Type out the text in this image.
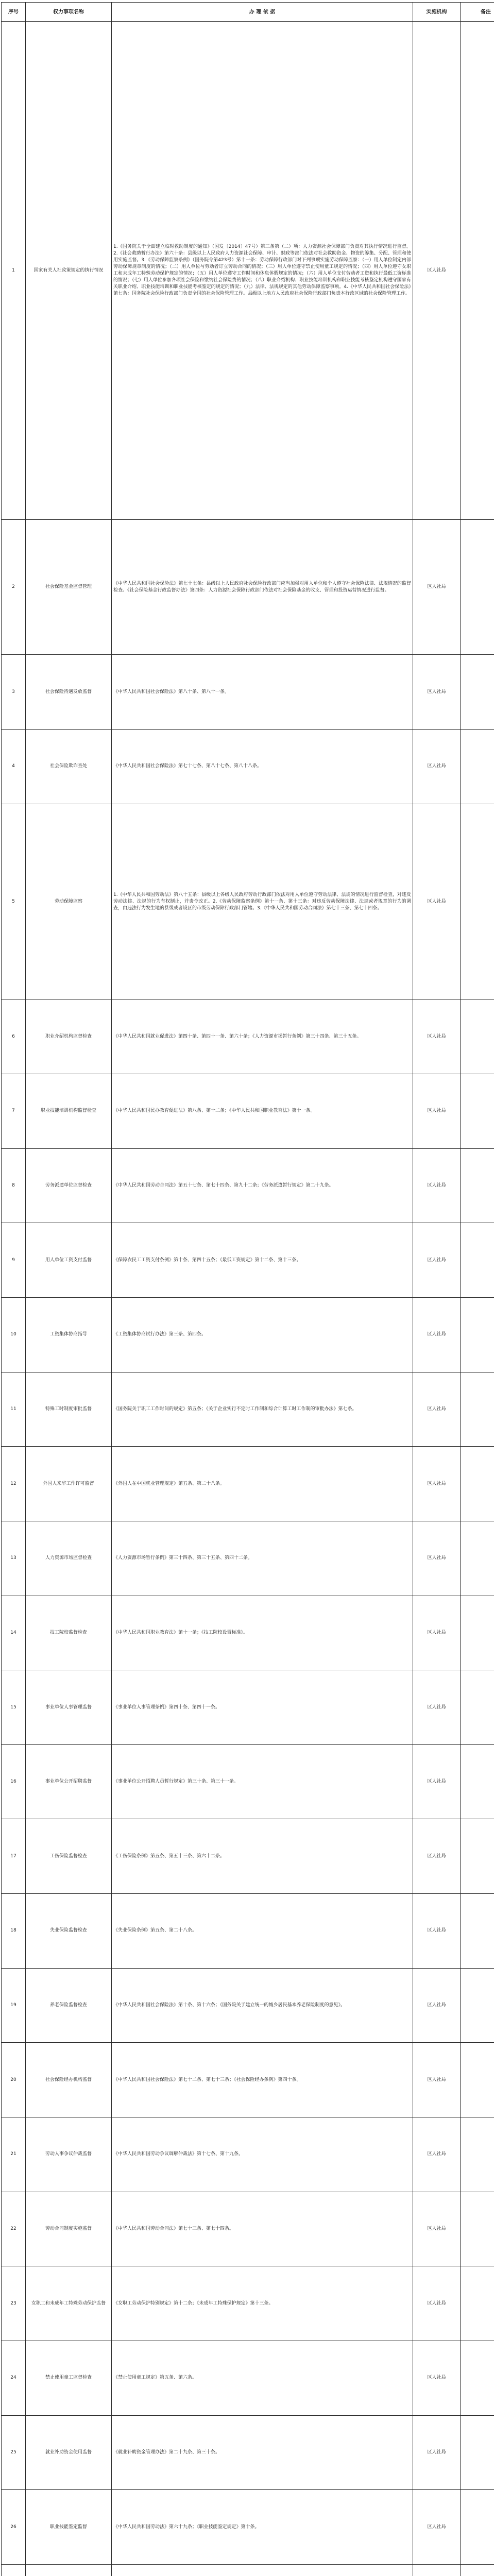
序号	权力事项名称	办 理 依 据	实施机构	备注
1	国家有关人社政策规定的执行情况	1.《国务院关于全面建立临时救助制度的通知》（国发〔2014〕47号）第三条第（二）项：人力资源社会保障部门负责对其执行情况进行监督。2.《社会救助暂行办法》第六十条：县级以上人民政府人力资源社会保障、审计、财政等部门依法对社会救助资金、物资的筹集、分配、管理和使用实施监督。3.《劳动保障监察条例》（国务院令第423号）第十一条：劳动保障行政部门对下列事项实施劳动保障监察：（一）用人单位制定内部劳动保障规章制度的情况；（二）用人单位与劳动者订立劳动合同的情况；（三）用人单位遵守禁止使用童工规定的情况；（四）用人单位遵守女职工和未成年工特殊劳动保护规定的情况；（五）用人单位遵守工作时间和休息休假规定的情况；（六）用人单位支付劳动者工资和执行最低工资标准的情况；（七）用人单位参加各项社会保险和缴纳社会保险费的情况；（八）职业介绍机构、职业技能培训机构和职业技能考核鉴定机构遵守国家有关职业介绍、职业技能培训和职业技能考核鉴定的规定的情况；（九）法律、法规规定的其他劳动保障监察事项。4.《中华人民共和国社会保险法》第七条：国务院社会保险行政部门负责全国的社会保险管理工作。县级以上地方人民政府社会保险行政部门负责本行政区域的社会保险管理工作。	区人社局	
2	社会保险基金监督管理	《中华人民共和国社会保险法》第七十七条：县级以上人民政府社会保险行政部门应当加强对用人单位和个人遵守社会保险法律、法规情况的监督检查。《社会保险基金行政监督办法》第四条：人力资源社会保障行政部门依法对社会保险基金的收支、管理和投资运营情况进行监督。	区人社局	
3	社会保险待遇发放监督	《中华人民共和国社会保险法》第八十条、第八十一条。	区人社局	
4	社会保险欺诈查处	《中华人民共和国社会保险法》第七十七条、第八十七条、第八十八条。	区人社局	
5	劳动保障监察	1.《中华人民共和国劳动法》第八十五条：县级以上各级人民政府劳动行政部门依法对用人单位遵守劳动法律、法规的情况进行监督检查，对违反劳动法律、法规的行为有权制止，并责令改正。2.《劳动保障监察条例》第十一条、第十三条：对违反劳动保障法律、法规或者规章的行为的调查，由违法行为发生地的县级或者设区的市级劳动保障行政部门管辖。3.《中华人民共和国劳动合同法》第七十三条、第七十四条。	区人社局	
6	职业介绍机构监督检查	《中华人民共和国就业促进法》第四十条、第四十一条、第六十条；《人力资源市场暂行条例》第三十四条、第三十五条。	区人社局	
7	职业技能培训机构监督检查	《中华人民共和国民办教育促进法》第八条、第十二条；《中华人民共和国职业教育法》第十一条。	区人社局	
8	劳务派遣单位监督检查	《中华人民共和国劳动合同法》第五十七条、第七十四条、第九十二条；《劳务派遣暂行规定》第二十九条。	区人社局	
9	用人单位工资支付监督	《保障农民工工资支付条例》第十条、第四十五条；《最低工资规定》第十二条、第十三条。	区人社局	
10	工资集体协商指导	《工资集体协商试行办法》第三条、第四条。	区人社局	
11	特殊工时制度审批监督	《国务院关于职工工作时间的规定》第五条；《关于企业实行不定时工作制和综合计算工时工作制的审批办法》第七条。	区人社局	
12	外国人来华工作许可监督	《外国人在中国就业管理规定》第五条、第二十八条。	区人社局	
13	人力资源市场监督检查	《人力资源市场暂行条例》第三十四条、第三十五条、第四十二条。	区人社局	
14	技工院校监督检查	《中华人民共和国职业教育法》第十一条；《技工院校设置标准》。	区人社局	
15	事业单位人事管理监督	《事业单位人事管理条例》第四十条、第四十一条。	区人社局	
16	事业单位公开招聘监督	《事业单位公开招聘人员暂行规定》第三十条、第三十一条。	区人社局	
17	工伤保险监督检查	《工伤保险条例》第五条、第五十三条、第六十二条。	区人社局	
18	失业保险监督检查	《失业保险条例》第五条、第二十八条。	区人社局	
19	养老保险监督检查	《中华人民共和国社会保险法》第十条、第十六条；《国务院关于建立统一的城乡居民基本养老保险制度的意见》。	区人社局	
20	社会保险经办机构监督	《中华人民共和国社会保险法》第七十二条、第七十三条；《社会保险经办条例》第四十条。	区人社局	
21	劳动人事争议仲裁监督	《中华人民共和国劳动争议调解仲裁法》第十七条、第十九条。	区人社局	
22	劳动合同制度实施监督	《中华人民共和国劳动合同法》第七十三条、第七十四条。	区人社局	
23	女职工和未成年工特殊劳动保护监督	《女职工劳动保护特别规定》第十二条；《未成年工特殊保护规定》第十三条。	区人社局	
24	禁止使用童工监督检查	《禁止使用童工规定》第五条、第六条。	区人社局	
25	就业补助资金使用监督	《就业补助资金管理办法》第二十九条、第三十条。	区人社局	
26	职业技能鉴定监督	《中华人民共和国劳动法》第六十九条；《职业技能鉴定规定》第十条。	区人社局	
